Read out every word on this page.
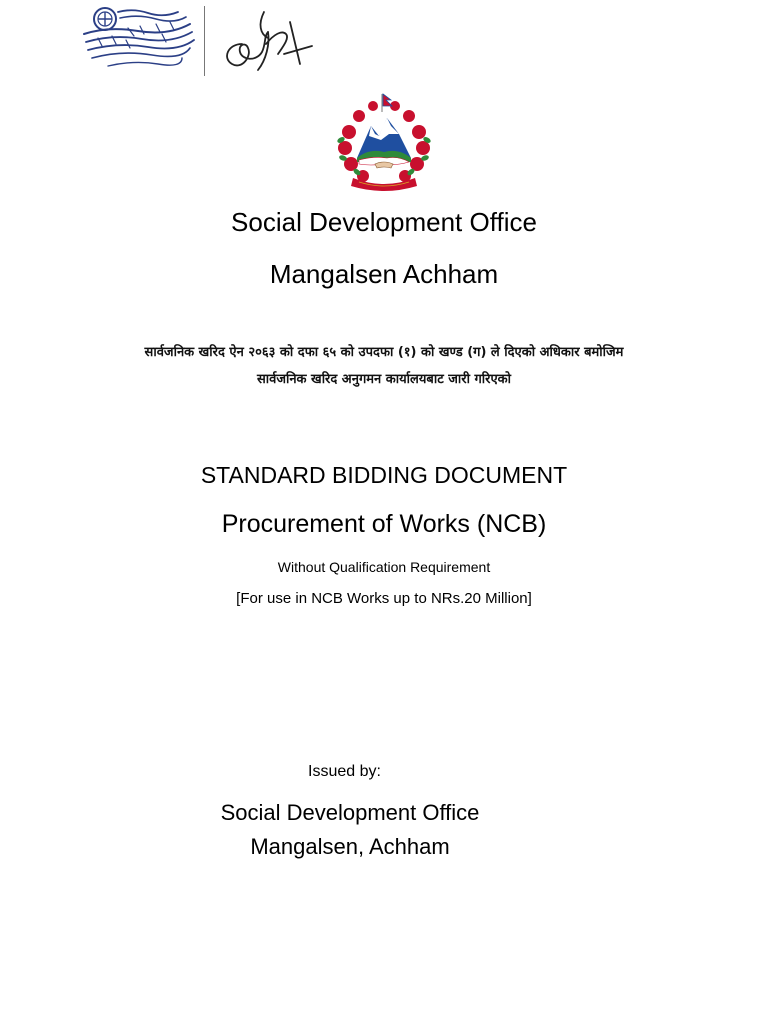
Social Development Office
Mangalsen Achham
सार्वजनिक खरिद ऐन २०६३ को दफा ६५ को उपदफा (१) को खण्ड (ग) ले दिएको अधिकार बमोजिम
सार्वजनिक खरिद अनुगमन कार्यालयबाट जारी गरिएको
STANDARD BIDDING DOCUMENT
Procurement of Works (NCB)
Without Qualification Requirement
[For use in NCB Works up to NRs.20 Million]
Issued by:
Social Development Office
Mangalsen, Achham
